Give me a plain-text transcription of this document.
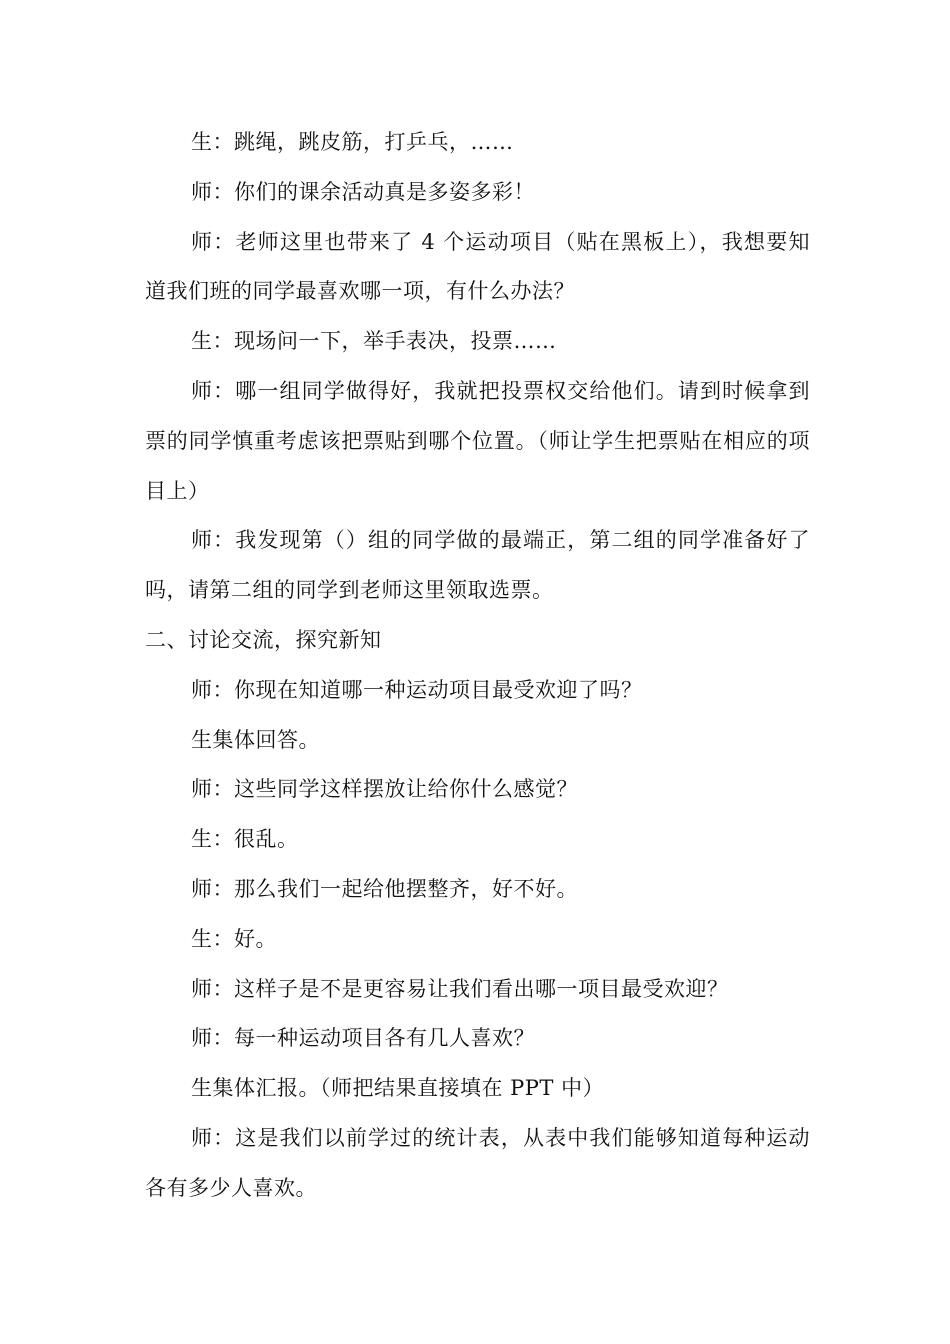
生：跳绳，跳皮筋，打乒乓，……

师：你们的课余活动真是多姿多彩！

师：老师这里也带来了 4 个运动项目（贴在黑板上），我想要知道我们班的同学最喜欢哪一项，有什么办法？

生：现场问一下，举手表决，投票……

师：哪一组同学做得好，我就把投票权交给他们。请到时候拿到票的同学慎重考虑该把票贴到哪个位置。（师让学生把票贴在相应的项目上）

师：我发现第（）组的同学做的最端正，第二组的同学准备好了吗，请第二组的同学到老师这里领取选票。

二、讨论交流，探究新知

师：你现在知道哪一种运动项目最受欢迎了吗？

生集体回答。

师：这些同学这样摆放让给你什么感觉？

生：很乱。

师：那么我们一起给他摆整齐，好不好。

生：好。

师：这样子是不是更容易让我们看出哪一项目最受欢迎？

师：每一种运动项目各有几人喜欢？

生集体汇报。（师把结果直接填在 PPT 中）

师：这是我们以前学过的统计表，从表中我们能够知道每种运动各有多少人喜欢。
